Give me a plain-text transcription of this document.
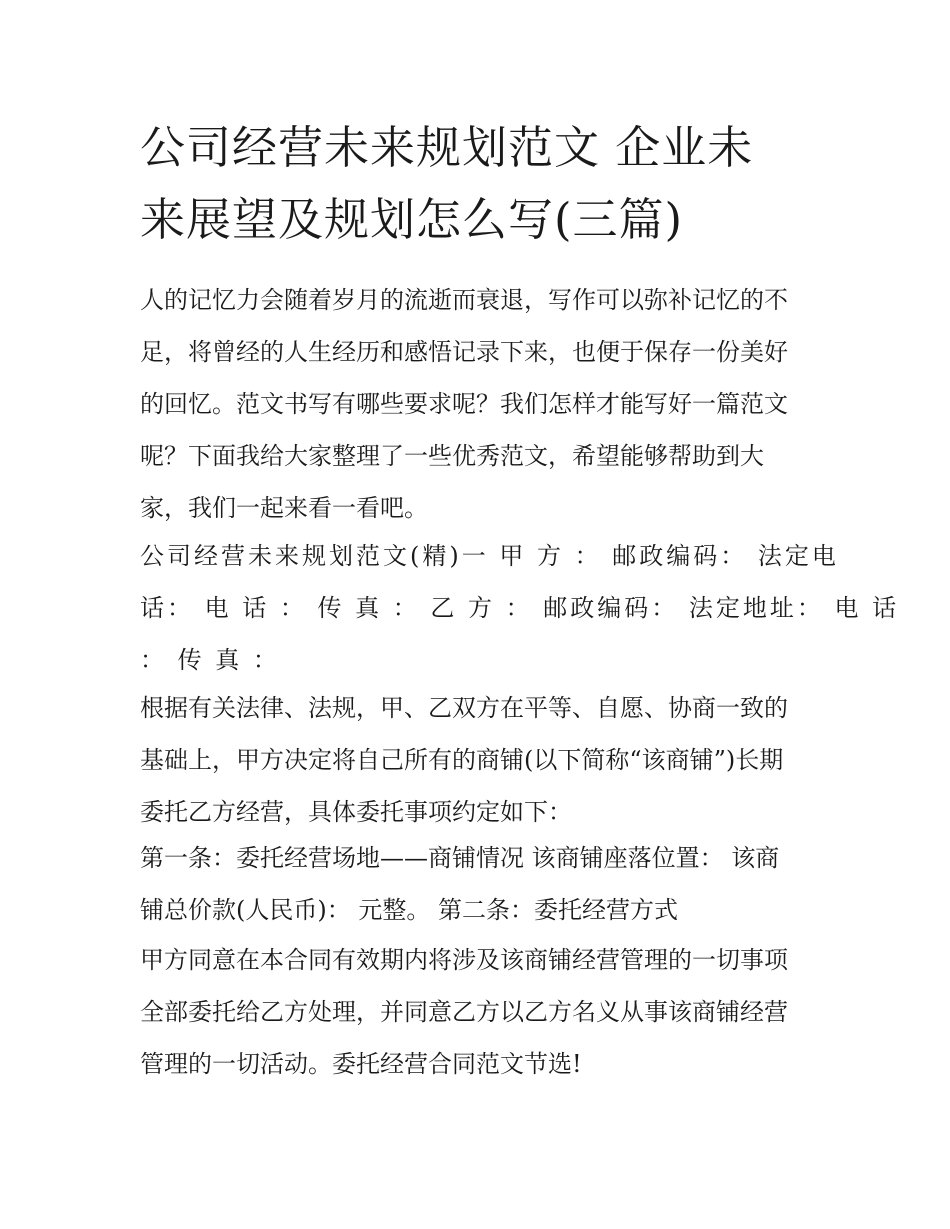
公司经营未来规划范文 企业未
来展望及规划怎么写(三篇)
人的记忆力会随着岁月的流逝而衰退，写作可以弥补记忆的不
足，将曾经的人生经历和感悟记录下来，也便于保存一份美好
的回忆。范文书写有哪些要求呢？我们怎样才能写好一篇范文
呢？下面我给大家整理了一些优秀范文，希望能够帮助到大
家，我们一起来看一看吧。
公司经营未来规划范文(精)一 甲 方 ： 邮政编码： 法定电
话： 电 话 ： 传 真 ： 乙 方 ： 邮政编码： 法定地址： 电 话
： 传 真 ：
根据有关法律、法规，甲、乙双方在平等、自愿、协商一致的
基础上，甲方决定将自己所有的商铺(以下简称“该商铺”)长期
委托乙方经营，具体委托事项约定如下：
第一条：委托经营场地——商铺情况 该商铺座落位置： 该商
铺总价款(人民币)： 元整。 第二条：委托经营方式
甲方同意在本合同有效期内将涉及该商铺经营管理的一切事项
全部委托给乙方处理，并同意乙方以乙方名义从事该商铺经营
管理的一切活动。委托经营合同范文节选!
